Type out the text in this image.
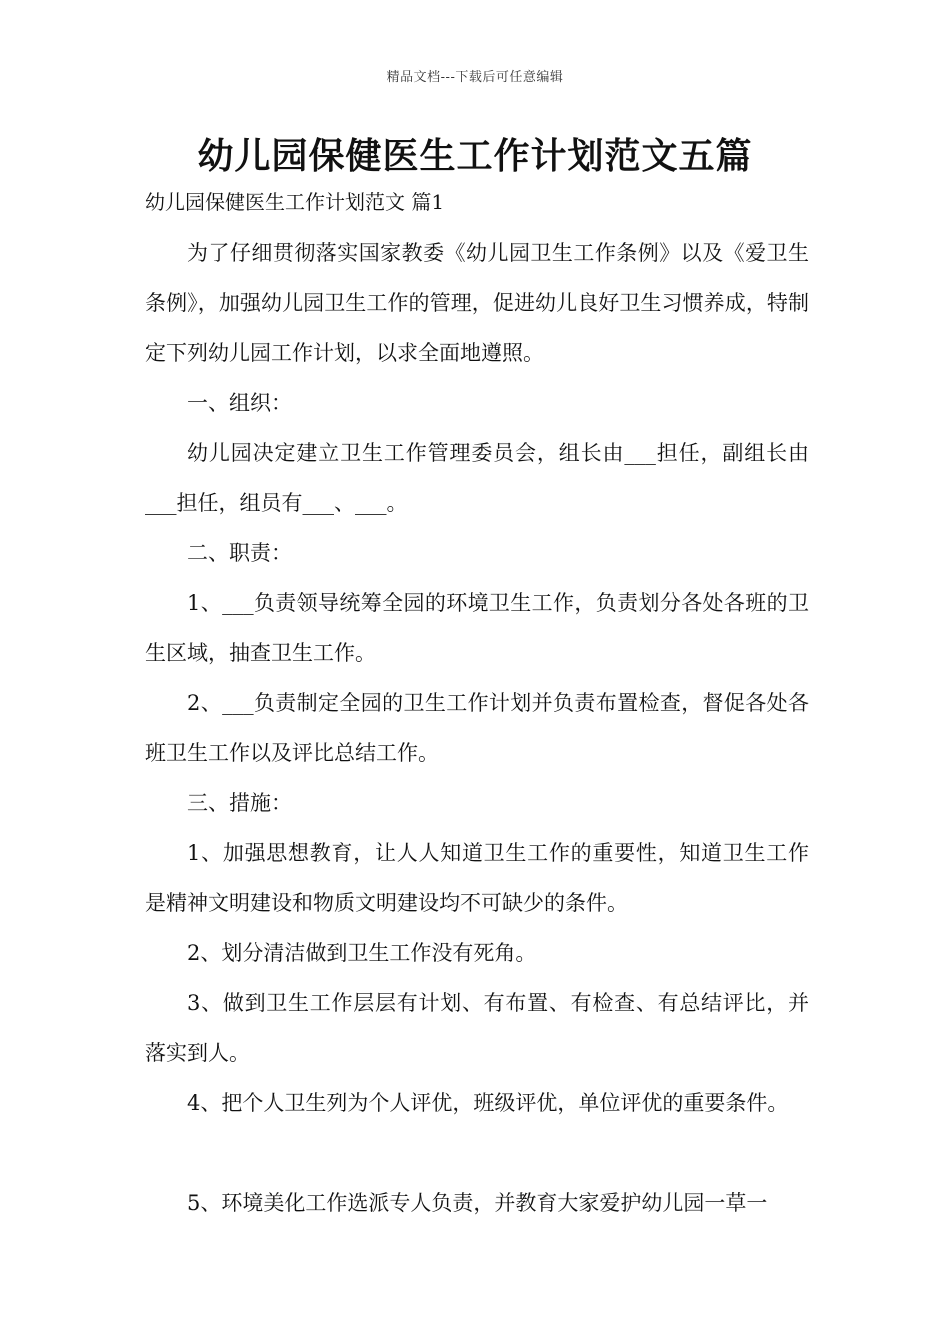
精品文档---下载后可任意编辑
幼儿园保健医生工作计划范文五篇
幼儿园保健医生工作计划范文 篇1

为了仔细贯彻落实国家教委《幼儿园卫生工作条例》以及《爱卫生条例》，加强幼儿园卫生工作的管理，促进幼儿良好卫生习惯养成，特制定下列幼儿园工作计划，以求全面地遵照。

一、组织：

幼儿园决定建立卫生工作管理委员会，组长由___担任，副组长由___担任，组员有___、___。

二、职责：

1、___负责领导统筹全园的环境卫生工作，负责划分各处各班的卫生区域，抽查卫生工作。

2、___负责制定全园的卫生工作计划并负责布置检查，督促各处各班卫生工作以及评比总结工作。

三、措施：

1、加强思想教育，让人人知道卫生工作的重要性，知道卫生工作是精神文明建设和物质文明建设均不可缺少的条件。

2、划分清洁做到卫生工作没有死角。

3、做到卫生工作层层有计划、有布置、有检查、有总结评比，并落实到人。

4、把个人卫生列为个人评优，班级评优，单位评优的重要条件。

5、环境美化工作选派专人负责，并教育大家爱护幼儿园一草一
